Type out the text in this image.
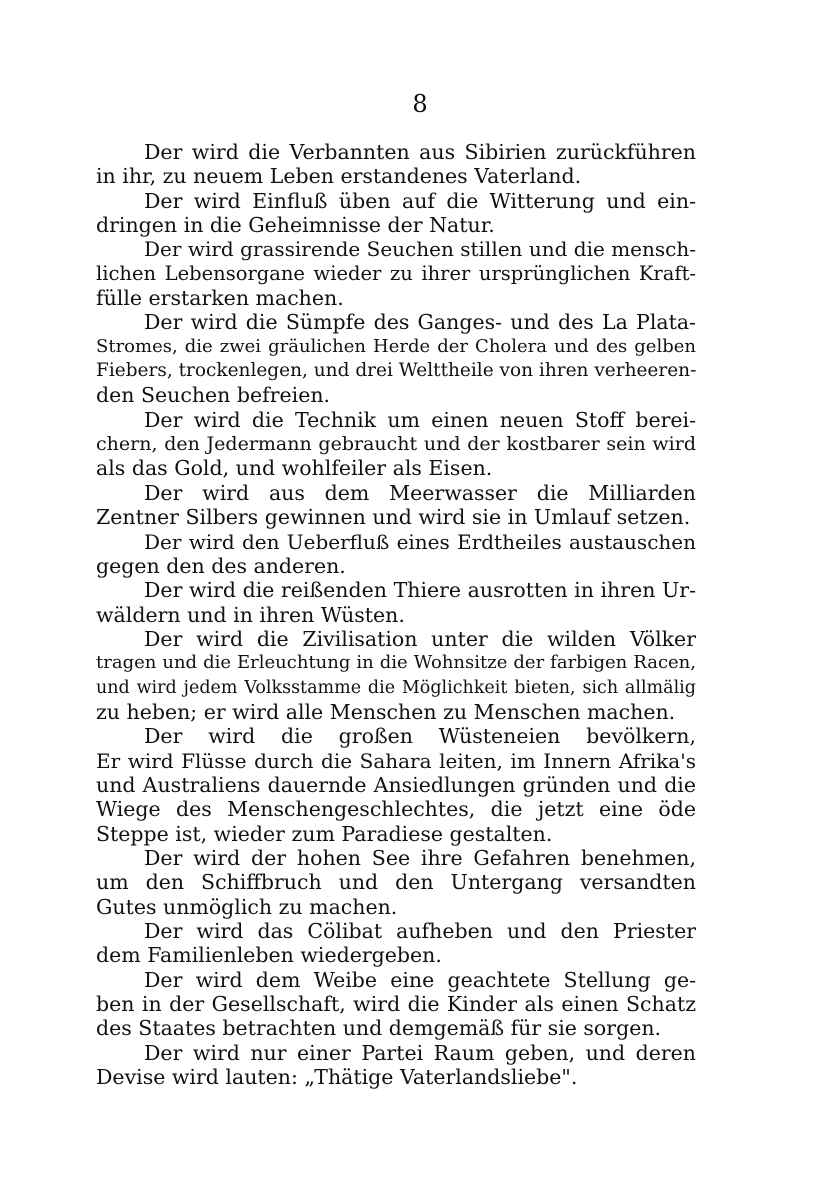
8
Der wird die Verbannten aus Sibirien zurückführen
in ihr, zu neuem Leben erstandenes Vaterland.
Der wird Einfluß üben auf die Witterung und ein-
dringen in die Geheimnisse der Natur.
Der wird grassirende Seuchen stillen und die mensch-
lichen Lebensorgane wieder zu ihrer ursprünglichen Kraft-
fülle erstarken machen.
Der wird die Sümpfe des Ganges- und des La Plata-
Stromes, die zwei gräulichen Herde der Cholera und des gelben
Fiebers, trockenlegen, und drei Welttheile von ihren verheeren-
den Seuchen befreien.
Der wird die Technik um einen neuen Stoff berei-
chern, den Jedermann gebraucht und der kostbarer sein wird
als das Gold, und wohlfeiler als Eisen.
Der wird aus dem Meerwasser die Milliarden
Zentner Silbers gewinnen und wird sie in Umlauf setzen.
Der wird den Ueberfluß eines Erdtheiles austauschen
gegen den des anderen.
Der wird die reißenden Thiere ausrotten in ihren Ur-
wäldern und in ihren Wüsten.
Der wird die Zivilisation unter die wilden Völker
tragen und die Erleuchtung in die Wohnsitze der farbigen Racen,
und wird jedem Volksstamme die Möglichkeit bieten, sich allmälig
zu heben; er wird alle Menschen zu Menschen machen.
Der wird die großen Wüsteneien bevölkern,
Er wird Flüsse durch die Sahara leiten, im Innern Afrika's
und Australiens dauernde Ansiedlungen gründen und die
Wiege des Menschengeschlechtes, die jetzt eine öde
Steppe ist, wieder zum Paradiese gestalten.
Der wird der hohen See ihre Gefahren benehmen,
um den Schiffbruch und den Untergang versandten
Gutes unmöglich zu machen.
Der wird das Cölibat aufheben und den Priester
dem Familienleben wiedergeben.
Der wird dem Weibe eine geachtete Stellung ge-
ben in der Gesellschaft, wird die Kinder als einen Schatz
des Staates betrachten und demgemäß für sie sorgen.
Der wird nur einer Partei Raum geben, und deren
Devise wird lauten: „Thätige Vaterlandsliebe".
